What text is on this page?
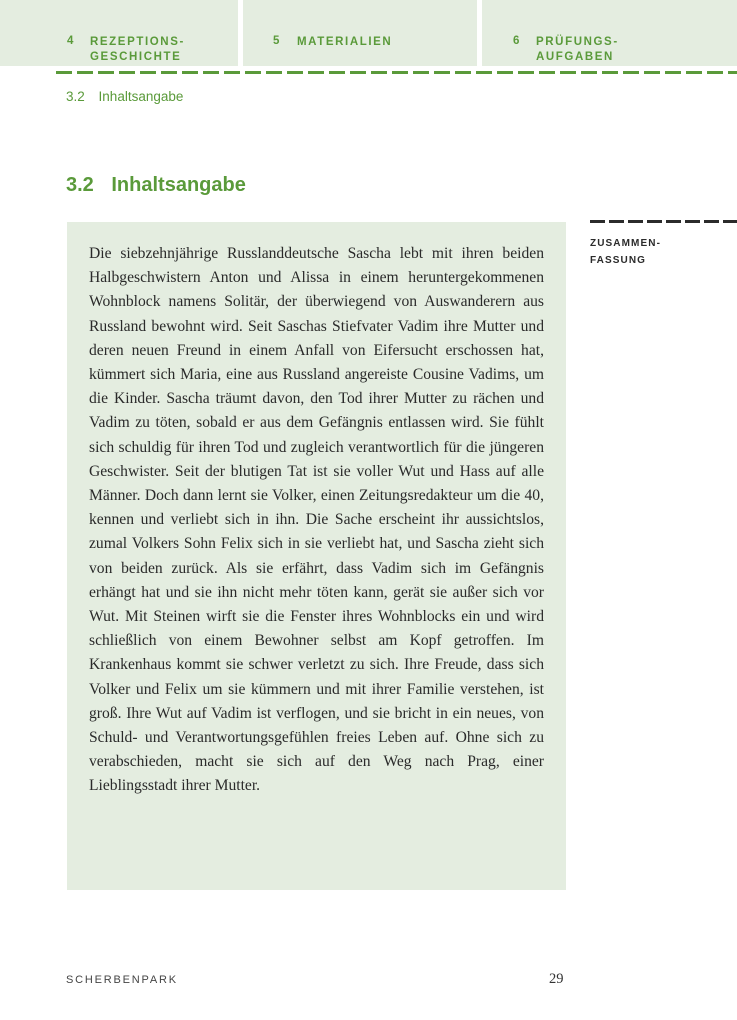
4 REZEPTIONS-
GESCHICHTE
5 MATERIALIEN	6 PRÜFUNGS-
AUFGABEN
3.2 Inhaltsangabe
3.2 Inhaltsangabe

Die siebzehnjährige Russlanddeutsche Sascha lebt mit ihren beiden Halbgeschwistern Anton und Alissa in einem heruntergekommenen Wohnblock namens Solitär, der überwiegend von Auswanderern aus Russland bewohnt wird. Seit Saschas Stiefvater Vadim ihre Mutter und deren neuen Freund in einem Anfall von Eifersucht erschossen hat, kümmert sich Maria, eine aus Russland angereiste Cousine Vadims, um die Kinder. Sascha träumt davon, den Tod ihrer Mutter zu rächen und Vadim zu töten, sobald er aus dem Gefängnis entlassen wird. Sie fühlt sich schuldig für ihren Tod und zugleich verantwortlich für die jüngeren Geschwister. Seit der blutigen Tat ist sie voller Wut und Hass auf alle Männer. Doch dann lernt sie Volker, einen Zeitungsredakteur um die 40, kennen und verliebt sich in ihn. Die Sache erscheint ihr aussichtslos, zumal Volkers Sohn Felix sich in sie verliebt hat, und Sascha zieht sich von beiden zurück. Als sie erfährt, dass Vadim sich im Gefängnis erhängt hat und sie ihn nicht mehr töten kann, gerät sie außer sich vor Wut. Mit Steinen wirft sie die Fenster ihres Wohnblocks ein und wird schließlich von einem Bewohner selbst am Kopf getroffen. Im Krankenhaus kommt sie schwer verletzt zu sich. Ihre Freude, dass sich Volker und Felix um sie kümmern und mit ihrer Familie verstehen, ist groß. Ihre Wut auf Vadim ist verflogen, und sie bricht in ein neues, von Schuld- und Verantwortungsgefühlen freies Leben auf. Ohne sich zu verabschieden, macht sie sich auf den Weg nach Prag, einer Lieblingsstadt ihrer Mutter.

ZUSAMMEN-
FASSUNG
SCHERBENPARK	29
